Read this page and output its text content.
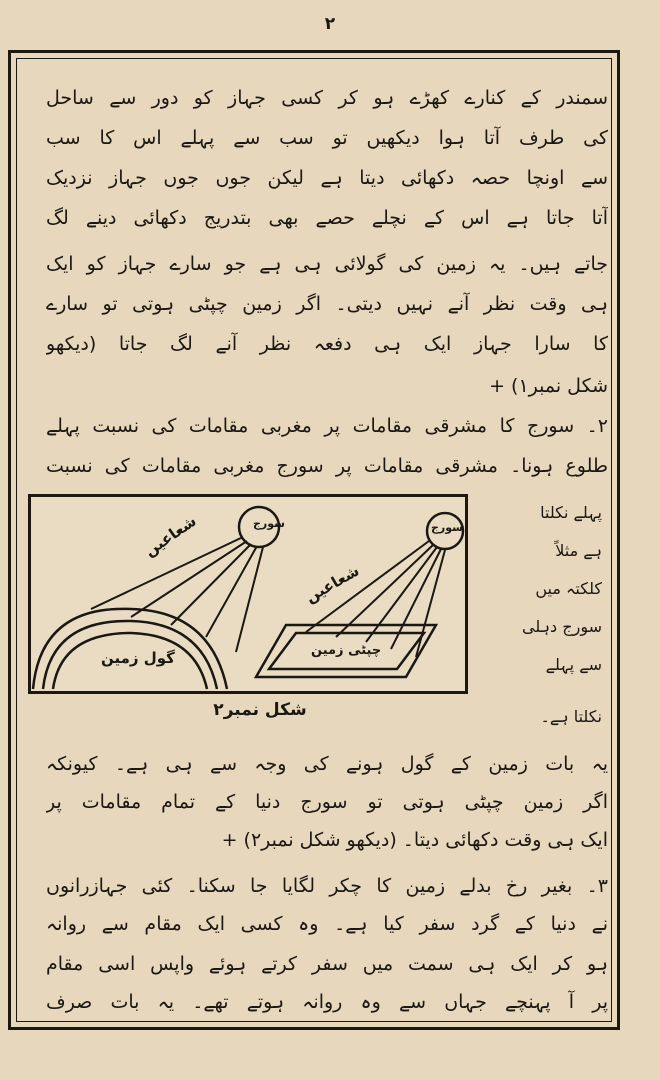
۲
سمندر کے کنارے کھڑے ہو کر کسی جہاز کو دور سے ساحل
کی طرف آتا ہوا دیکھیں تو سب سے پہلے اس کا سب
سے اونچا حصہ دکھائی دیتا ہے لیکن جوں جوں جہاز نزدیک
آتا جاتا ہے اس کے نچلے حصے بھی بتدریج دکھائی دینے لگ
جاتے ہیں۔ یہ زمین کی گولائی ہی ہے جو سارے جہاز کو ایک
ہی وقت نظر آنے نہیں دیتی۔ اگر زمین چپٹی ہوتی تو سارے
کا سارا جہاز ایک ہی دفعہ نظر آنے لگ جاتا (دیکھو
شکل نمبر۱) +
۲۔ سورج کا مشرقی مقامات پر مغربی مقامات کی نسبت پہلے
طلوع ہونا۔ مشرقی مقامات پر سورج مغربی مقامات کی نسبت
پہلے نکلتا
ہے مثلاً
کلکتہ میں
سورج دہلی
سے پہلے
نکلتا ہے۔
سورج
شعاعیں
گول زمین
سورج
شعاعیں
چپٹی زمین
شکل نمبر۲
یہ بات زمین کے گول ہونے کی وجہ سے ہی ہے۔ کیونکہ
اگر زمین چپٹی ہوتی تو سورج دنیا کے تمام مقامات پر
ایک ہی وقت دکھائی دیتا۔ (دیکھو شکل نمبر۲) +
۳۔ بغیر رخ بدلے زمین کا چکر لگایا جا سکنا۔ کئی جہازرانوں
نے دنیا کے گرد سفر کیا ہے۔ وہ کسی ایک مقام سے روانہ
ہو کر ایک ہی سمت میں سفر کرتے ہوئے واپس اسی مقام
پر آ پہنچے جہاں سے وہ روانہ ہوتے تھے۔ یہ بات صرف
